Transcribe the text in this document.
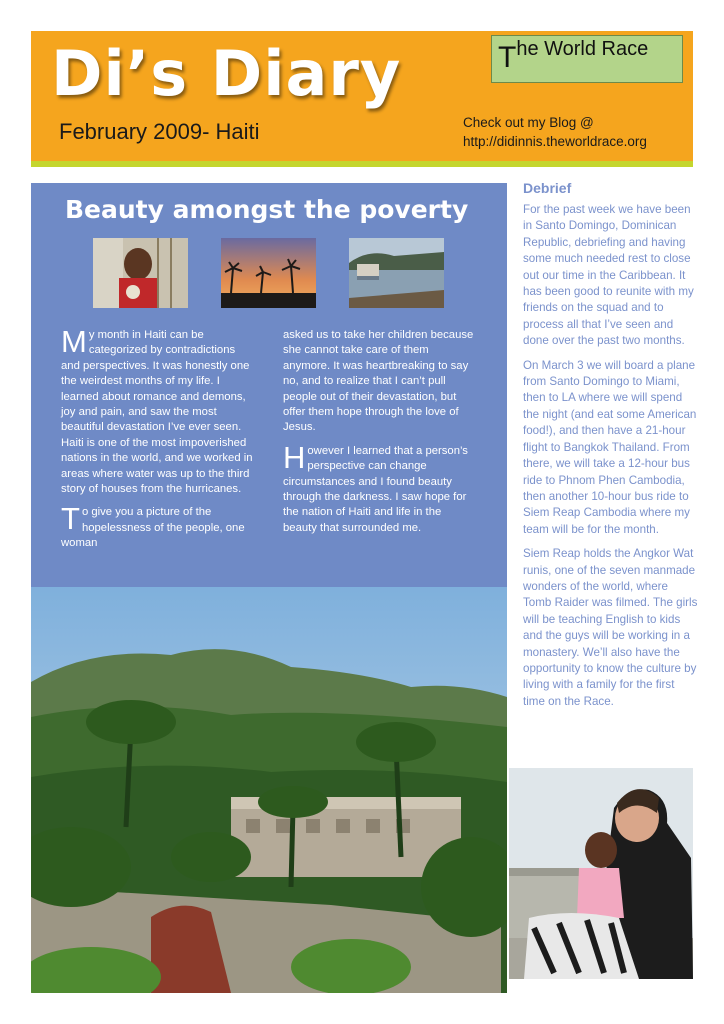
Di’s Diary
February 2009- Haiti
The World Race
Check out my Blog @
http://didinnis.theworldrace.org
Beauty amongst the poverty

My month in Haiti can be categorized by contradictions and perspectives. It was honestly one the weirdest months of my life. I learned about romance and demons, joy and pain, and saw the most beautiful devastation I’ve ever seen. Haiti is one of the most impoverished nations in the world, and we worked in areas where water was up to the third story of houses from the hurricanes.

To give you a picture of the hopelessness of the people, one woman

asked us to take her children because she cannot take care of them anymore. It was heartbreaking to say no, and to realize that I can’t pull people out of their devastation, but offer them hope through the love of Jesus.

However I learned that a person’s perspective can change circumstances and I found beauty through the darkness. I saw hope for the nation of Haiti and life in the beauty that surrounded me.

Debrief

For the past week we have been in Santo Domingo, Dominican Republic, debriefing and having some much needed rest to close out our time in the Caribbean. It has been good to reunite with my friends on the squad and to process all that I’ve seen and done over the past two months.

On March 3 we will board a plane from Santo Domingo to Miami, then to LA where we will spend the night (and eat some American food!), and then have a 21-hour flight to Bangkok Thailand. From there, we will take a 12-hour bus ride to Phnom Phen Cambodia, then another 10-hour bus ride to Siem Reap Cambodia where my team will be for the month.

Siem Reap holds the Angkor Wat runis, one of the seven manmade wonders of the world, where Tomb Raider was filmed. The girls will be teaching English to kids and the guys will be working in a monastery. We’ll also have the opportunity to know the culture by living with a family for the first time on the Race.
